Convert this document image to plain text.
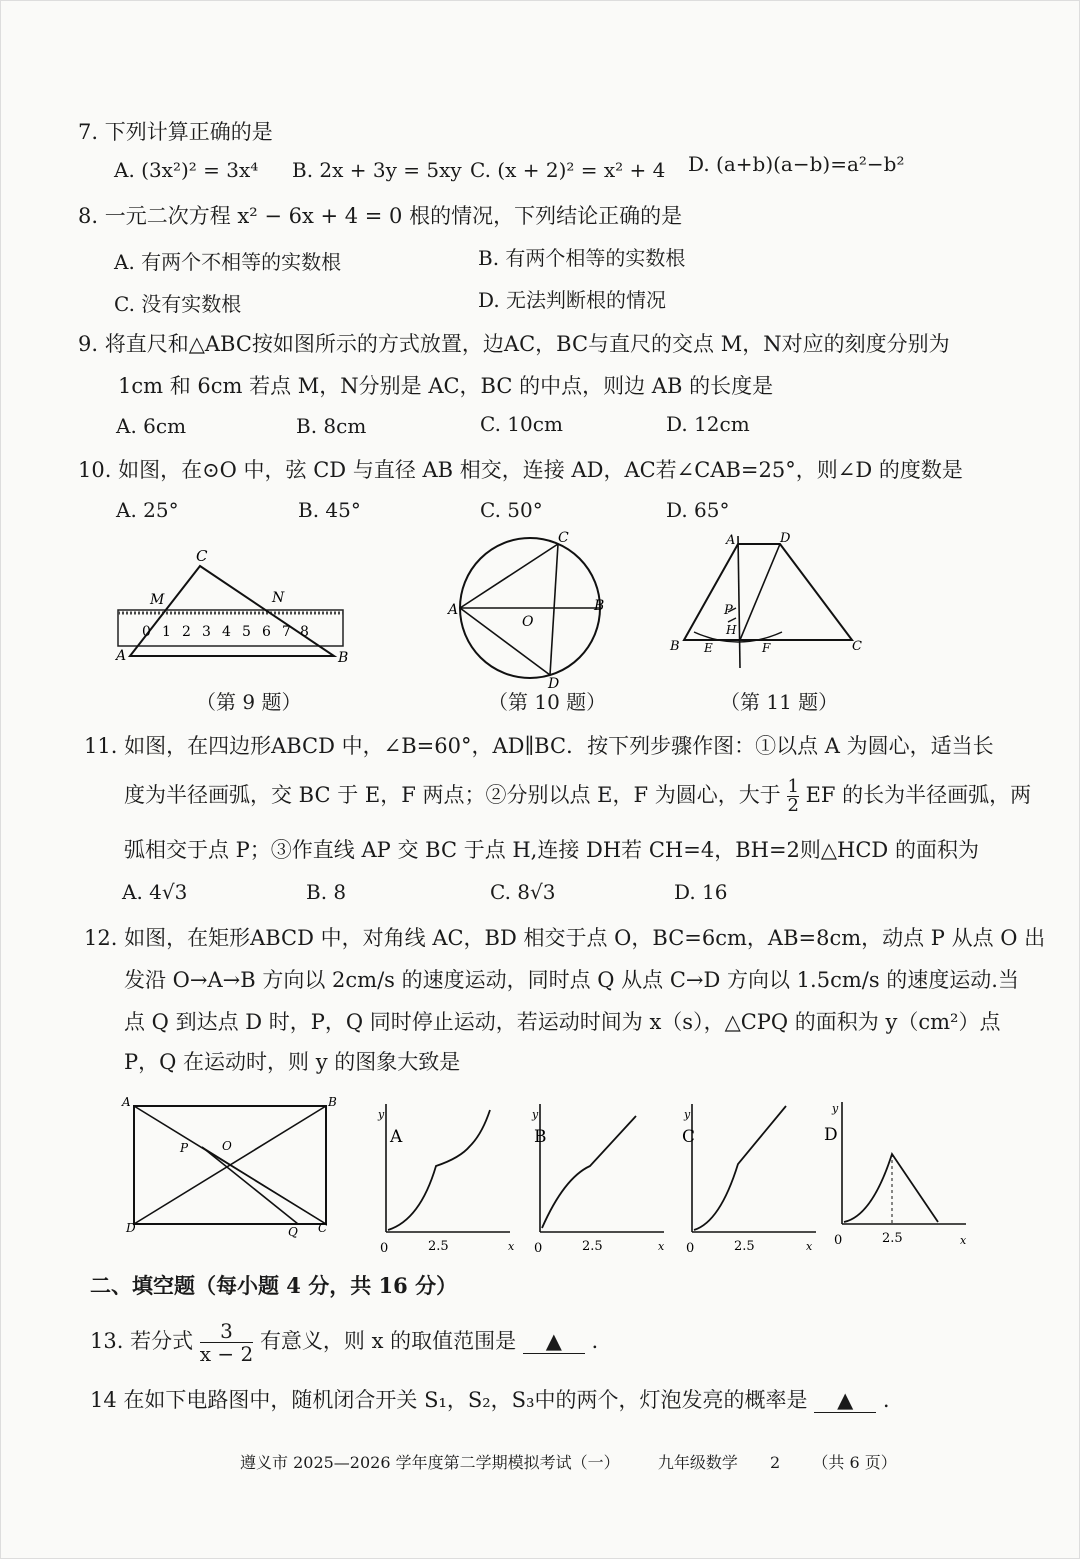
7. 下列计算正确的是
A. (3x²)² = 3x⁴ B. 2x + 3y = 5xy C. (x + 2)² = x² + 4 D. (a+b)(a−b)=a²−b²
8. 一元二次方程 x² − 6x + 4 = 0 根的情况，下列结论正确的是
A. 有两个不相等的实数根	B. 有两个相等的实数根
C. 没有实数根	D. 无法判断根的情况
9. 将直尺和△ABC按如图所示的方式放置，边AC，BC与直尺的交点 M，N对应的刻度分别为
1cm 和 6cm 若点 M，N分别是 AC，BC 的中点，则边 AB 的长度是
A. 6cm	B. 8cm	C. 10cm	D. 12cm
10. 如图，在⊙O 中，弦 CD 与直径 AB 相交，连接 AD，AC若∠CAB=25°，则∠D 的度数是
A. 25°	B. 45°	C. 50°	D. 65°
C
M	N
A	B
0 1 2 3 4 5 6 7 8
（第 9 题）
C
A
O
B
D
（第 10 题）
A	D
P
H
B E	F	C
（第 11 题）
11. 如图，在四边形ABCD 中，∠B=60°，AD∥BC．按下列步骤作图：①以点 A 为圆心，适当长
度为半径画弧，交 BC 于 E，F 两点；②分别以点 E，F 为圆心，大于 $\frac{1}{2}$ EF 的长为半径画弧，两
弧相交于点 P；③作直线 AP 交 BC 于点 H,连接 DH若 CH=4，BH=2则△HCD 的面积为
A. 4√3	B. 8	C. 8√3	D. 16
12. 如图，在矩形ABCD 中，对角线 AC，BD 相交于点 O，BC=6cm，AB=8cm，动点 P 从点 O 出
发沿 O→A→B 方向以 2cm/s 的速度运动，同时点 Q 从点 C→D 方向以 1.5cm/s 的速度运动.当
点 Q 到达点 D 时，P，Q 同时停止运动，若运动时间为 x（s），△CPQ 的面积为 y（cm²）点
P，Q 在运动时，则 y 的图象大致是
A	B
P	O
D	Q C
A
y
x
0	2.5
B
y
x
0	2.5
C
y
x
0	2.5
D
y
x
0	2.5
二、填空题（每小题 4 分，共 16 分）
13. 若分式 $\frac{3}{x - 2}$ 有意义，则 x 的取值范围是 ▲ .
14 在如下电路图中，随机闭合开关 S₁，S₂，S₃中的两个，灯泡发亮的概率是 ▲ .
遵义市 2025—2026 学年度第二学期模拟考试（一） 九年级数学 2 （共 6 页）
